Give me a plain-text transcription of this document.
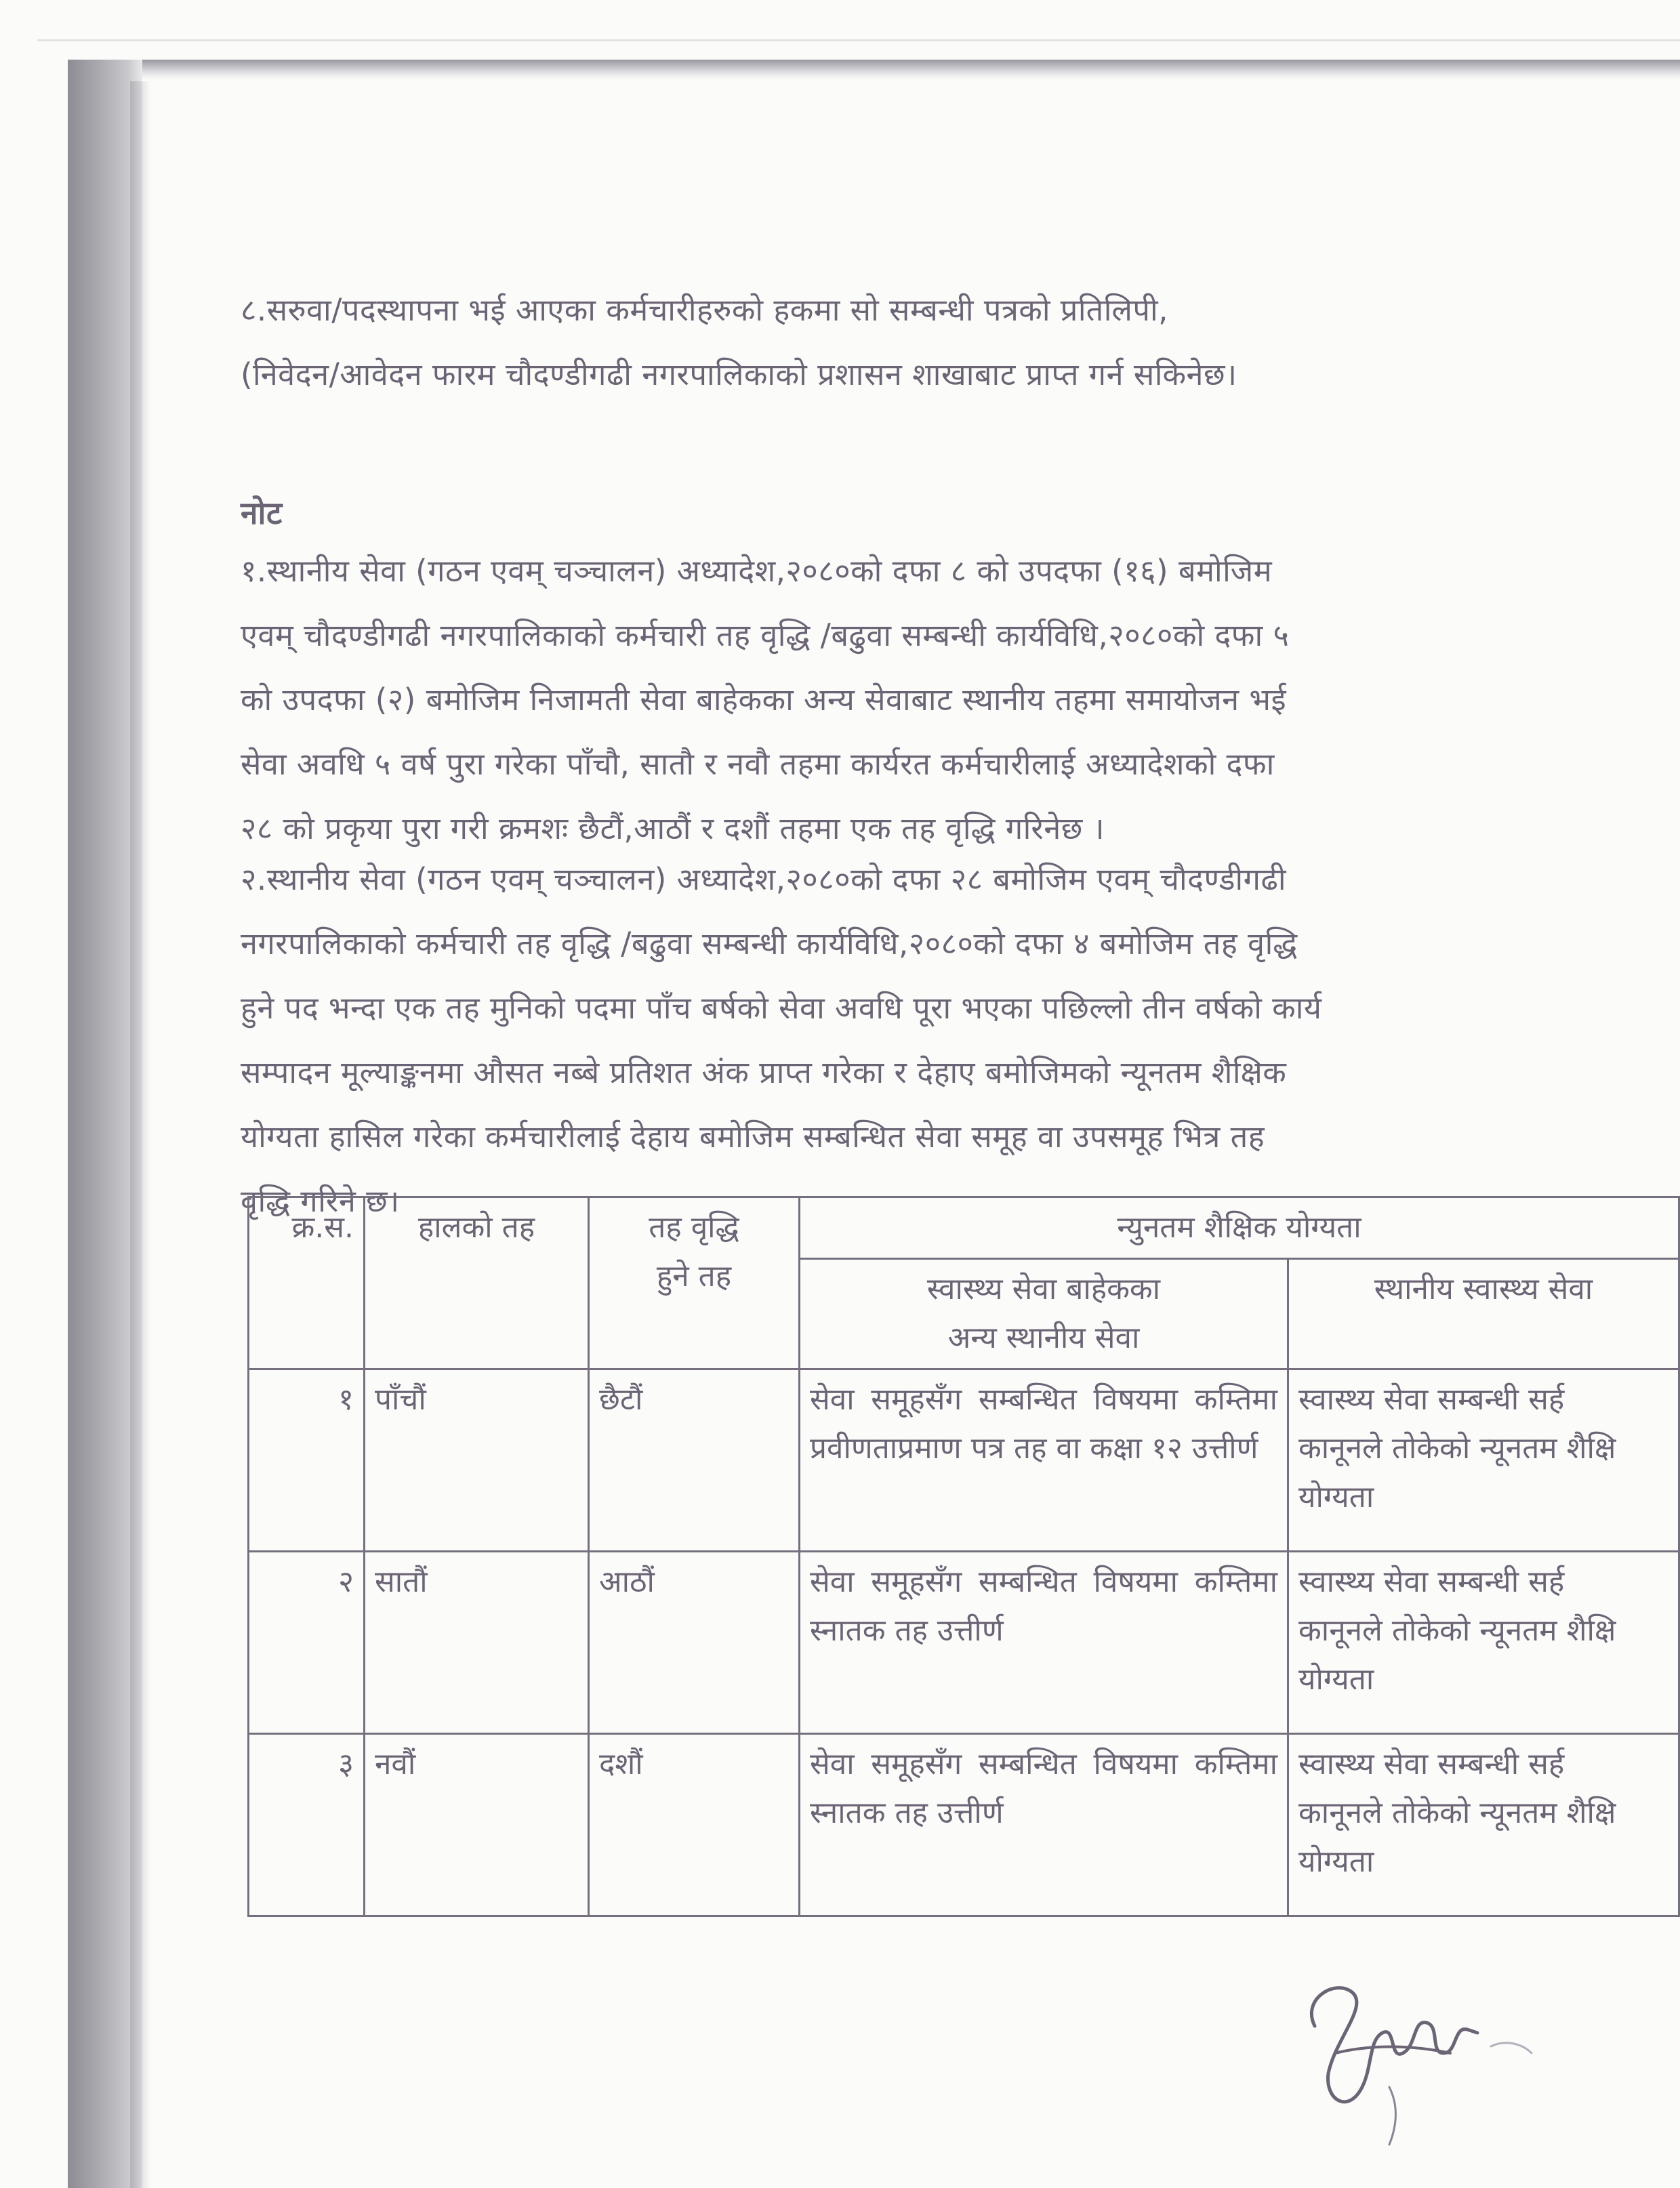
८.सरुवा/पदस्थापना भई आएका कर्मचारीहरुको हकमा सो सम्बन्धी पत्रको प्रतिलिपी,
(निवेदन/आवेदन फारम चौदण्डीगढी नगरपालिकाको प्रशासन शाखाबाट प्राप्त गर्न सकिनेछ।
नोट
१.स्थानीय सेवा (गठन एवम् चञ्चालन) अध्यादेश,२०८०को दफा ८ को उपदफा (१६) बमोजिम
एवम् चौदण्डीगढी नगरपालिकाको कर्मचारी तह वृद्धि /बढुवा सम्बन्धी कार्यविधि,२०८०को दफा ५
को उपदफा (२) बमोजिम निजामती सेवा बाहेकका अन्य सेवाबाट स्थानीय तहमा समायोजन भई
सेवा अवधि ५ वर्ष पुरा गरेका पाँचौ, सातौ र नवौ तहमा कार्यरत कर्मचारीलाई अध्यादेशको दफा
२८ को प्रकृया पुरा गरी क्रमशः छैटौं,आठौं र दशौं तहमा एक तह वृद्धि गरिनेछ ।
२.स्थानीय सेवा (गठन एवम् चञ्चालन) अध्यादेश,२०८०को दफा २८ बमोजिम एवम् चौदण्डीगढी
नगरपालिकाको कर्मचारी तह वृद्धि /बढुवा सम्बन्धी कार्यविधि,२०८०को दफा ४ बमोजिम तह वृद्धि
हुने पद भन्दा एक तह मुनिको पदमा पाँच बर्षको सेवा अवधि पूरा भएका पछिल्लो तीन वर्षको कार्य
सम्पादन मूल्याङ्कनमा औसत नब्बे प्रतिशत अंक प्राप्त गरेका र देहाए बमोजिमको न्यूनतम शैक्षिक
योग्यता हासिल गरेका कर्मचारीलाई देहाय बमोजिम सम्बन्धित सेवा समूह वा उपसमूह भित्र तह
वृद्धि गरिने छ।
क्र.स.	हालको तह	तह वृद्धि
हुने तह	न्युनतम शैक्षिक योग्यता	

			स्वास्थ्य सेवा बाहेकका
अन्य स्थानीय सेवा	स्थानीय स्वास्थ्य सेवा
१	पाँचौं	छैटौं	सेवा समूहसँग सम्बन्धित विषयमा कम्तिमा प्रवीणताप्रमाण पत्र तह वा कक्षा १२ उत्तीर्ण	स्वास्थ्य सेवा सम्बन्धी सर्ह
कानूनले तोकेको न्यूनतम शैक्षि
योग्यता

२	सातौं	आठौं	सेवा समूहसँग सम्बन्धित विषयमा कम्तिमा स्नातक तह उत्तीर्ण	स्वास्थ्य सेवा सम्बन्धी सर्ह
कानूनले तोकेको न्यूनतम शैक्षि
योग्यता

३	नवौं	दशौं	सेवा समूहसँग सम्बन्धित विषयमा कम्तिमा स्नातक तह उत्तीर्ण	स्वास्थ्य सेवा सम्बन्धी सर्ह
कानूनले तोकेको न्यूनतम शैक्षि
योग्यता
